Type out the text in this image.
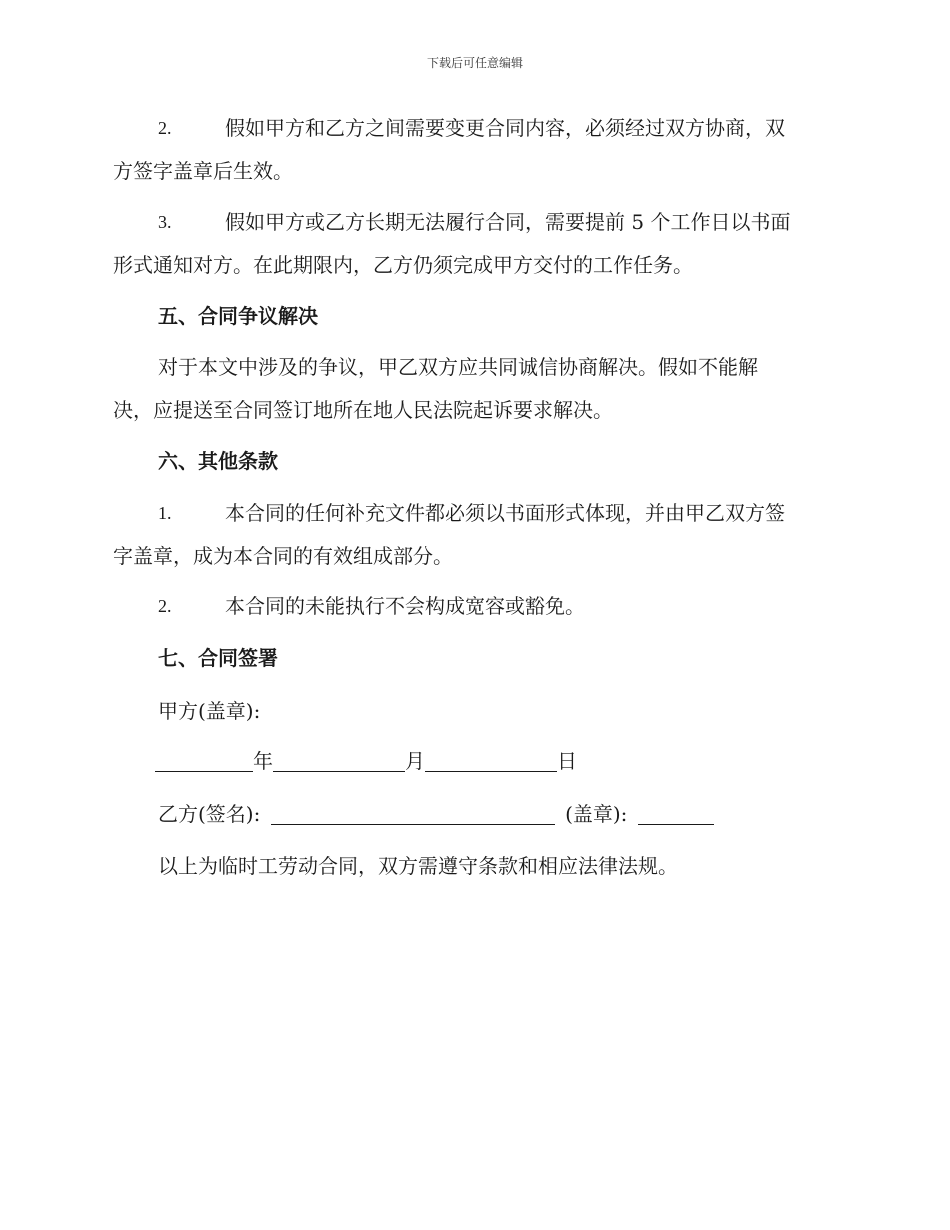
下载后可任意编辑
2.	假如甲方和乙方之间需要变更合同内容，必须经过双方协商，双
方签字盖章后生效。
3.	假如甲方或乙方长期无法履行合同，需要提前 5 个工作日以书面
形式通知对方。在此期限内，乙方仍须完成甲方交付的工作任务。
五、合同争议解决
对于本文中涉及的争议，甲乙双方应共同诚信协商解决。假如不能解
决，应提送至合同签订地所在地人民法院起诉要求解决。
六、其他条款
1.	本合同的任何补充文件都必须以书面形式体现，并由甲乙双方签
字盖章，成为本合同的有效组成部分。
2.	本合同的未能执行不会构成宽容或豁免。
七、合同签署
甲方(盖章):
年	月	日
乙方(签名):	(盖章):
以上为临时工劳动合同，双方需遵守条款和相应法律法规。
